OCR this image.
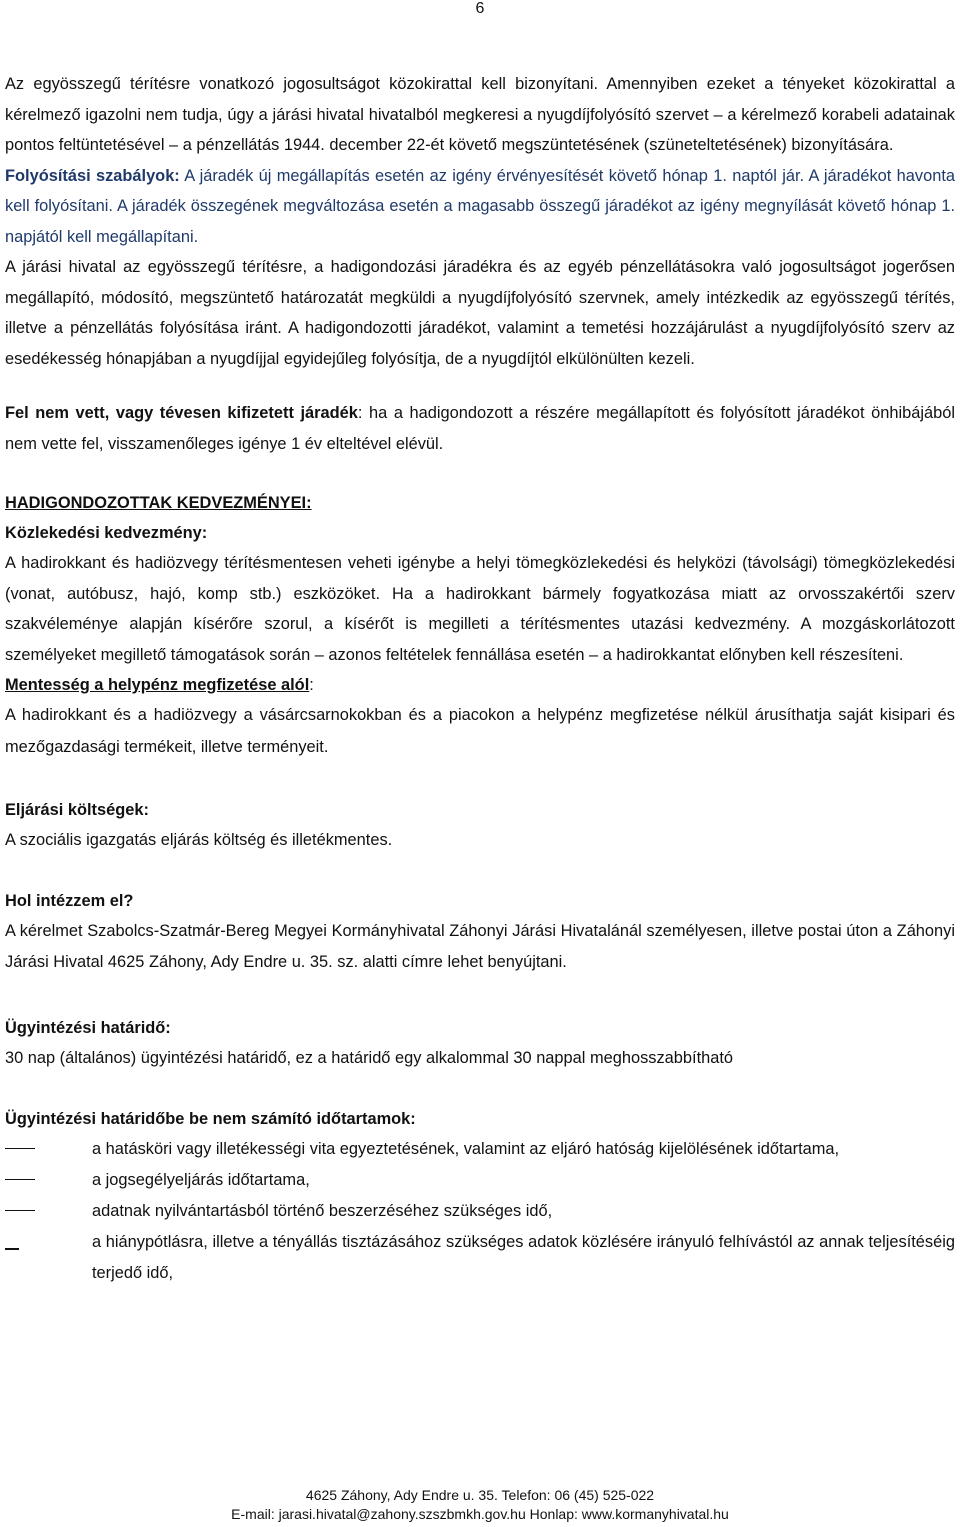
6

Az egyösszegű térítésre vonatkozó jogosultságot közokirattal kell bizonyítani. Amennyiben ezeket a tényeket közokirattal a kérelmező igazolni nem tudja, úgy a járási hivatal hivatalból megkeresi a nyugdíjfolyósító szervet – a kérelmező korabeli adatainak pontos feltüntetésével – a pénzellátás 1944. december 22-ét követő megszüntetésének (szüneteltetésének) bizonyítására.
Folyósítási szabályok: A járadék új megállapítás esetén az igény érvényesítését követő hónap 1. naptól jár. A járadékot havonta kell folyósítani. A járadék összegének megváltozása esetén a magasabb összegű járadékot az igény megnyílását követő hónap 1. napjától kell megállapítani.
A járási hivatal az egyösszegű térítésre, a hadigondozási járadékra és az egyéb pénzellátásokra való jogosultságot jogerősen megállapító, módosító, megszüntető határozatát megküldi a nyugdíjfolyósító szervnek, amely intézkedik az egyösszegű térítés, illetve a pénzellátás folyósítása iránt. A hadigondozotti járadékot, valamint a temetési hozzájárulást a nyugdíjfolyósító szerv az esedékesség hónapjában a nyugdíjjal egyidejűleg folyósítja, de a nyugdíjtól elkülönülten kezeli.

Fel nem vett, vagy tévesen kifizetett járadék: ha a hadigondozott a részére megállapított és folyósított járadékot önhibájából nem vette fel, visszamenőleges igénye 1 év elteltével elévül.

HADIGONDOZOTTAK KEDVEZMÉNYEI:

Közlekedési kedvezmény:

A hadirokkant és hadiözvegy térítésmentesen veheti igénybe a helyi tömegközlekedési és helyközi (távolsági) tömegközlekedési (vonat, autóbusz, hajó, komp stb.) eszközöket. Ha a hadirokkant bármely fogyatkozása miatt az orvosszakértői szerv szakvéleménye alapján kísérőre szorul, a kísérőt is megilleti a térítésmentes utazási kedvezmény. A mozgáskorlátozott személyeket megillető támogatások során – azonos feltételek fennállása esetén – a hadirokkantat előnyben kell részesíteni.

Mentesség a helypénz megfizetése alól:

A hadirokkant és a hadiözvegy a vásárcsarnokokban és a piacokon a helypénz megfizetése nélkül árusíthatja saját kisipari és mezőgazdasági termékeit, illetve terményeit.

Eljárási költségek:

A szociális igazgatás eljárás költség és illetékmentes.

Hol intézzem el?

A kérelmet Szabolcs-Szatmár-Bereg Megyei Kormányhivatal Záhonyi Járási Hivatalánál személyesen, illetve postai úton a Záhonyi Járási Hivatal 4625 Záhony, Ady Endre u. 35. sz. alatti címre lehet benyújtani.

Ügyintézési határidő:

30 nap (általános) ügyintézési határidő, ez a határidő egy alkalommal 30 nappal meghosszabbítható

Ügyintézési határidőbe be nem számító időtartamok:

a hatásköri vagy illetékességi vita egyeztetésének, valamint az eljáró hatóság kijelölésének időtartama,
a jogsegélyeljárás időtartama,
adatnak nyilvántartásból történő beszerzéséhez szükséges idő,
a hiánypótlásra, illetve a tényállás tisztázásához szükséges adatok közlésére irányuló felhívástól az annak teljesítéséig terjedő idő,
4625 Záhony, Ady Endre u. 35. Telefon: 06 (45) 525-022
E-mail: jarasi.hivatal@zahony.szszbmkh.gov.hu Honlap: www.kormanyhivatal.hu
